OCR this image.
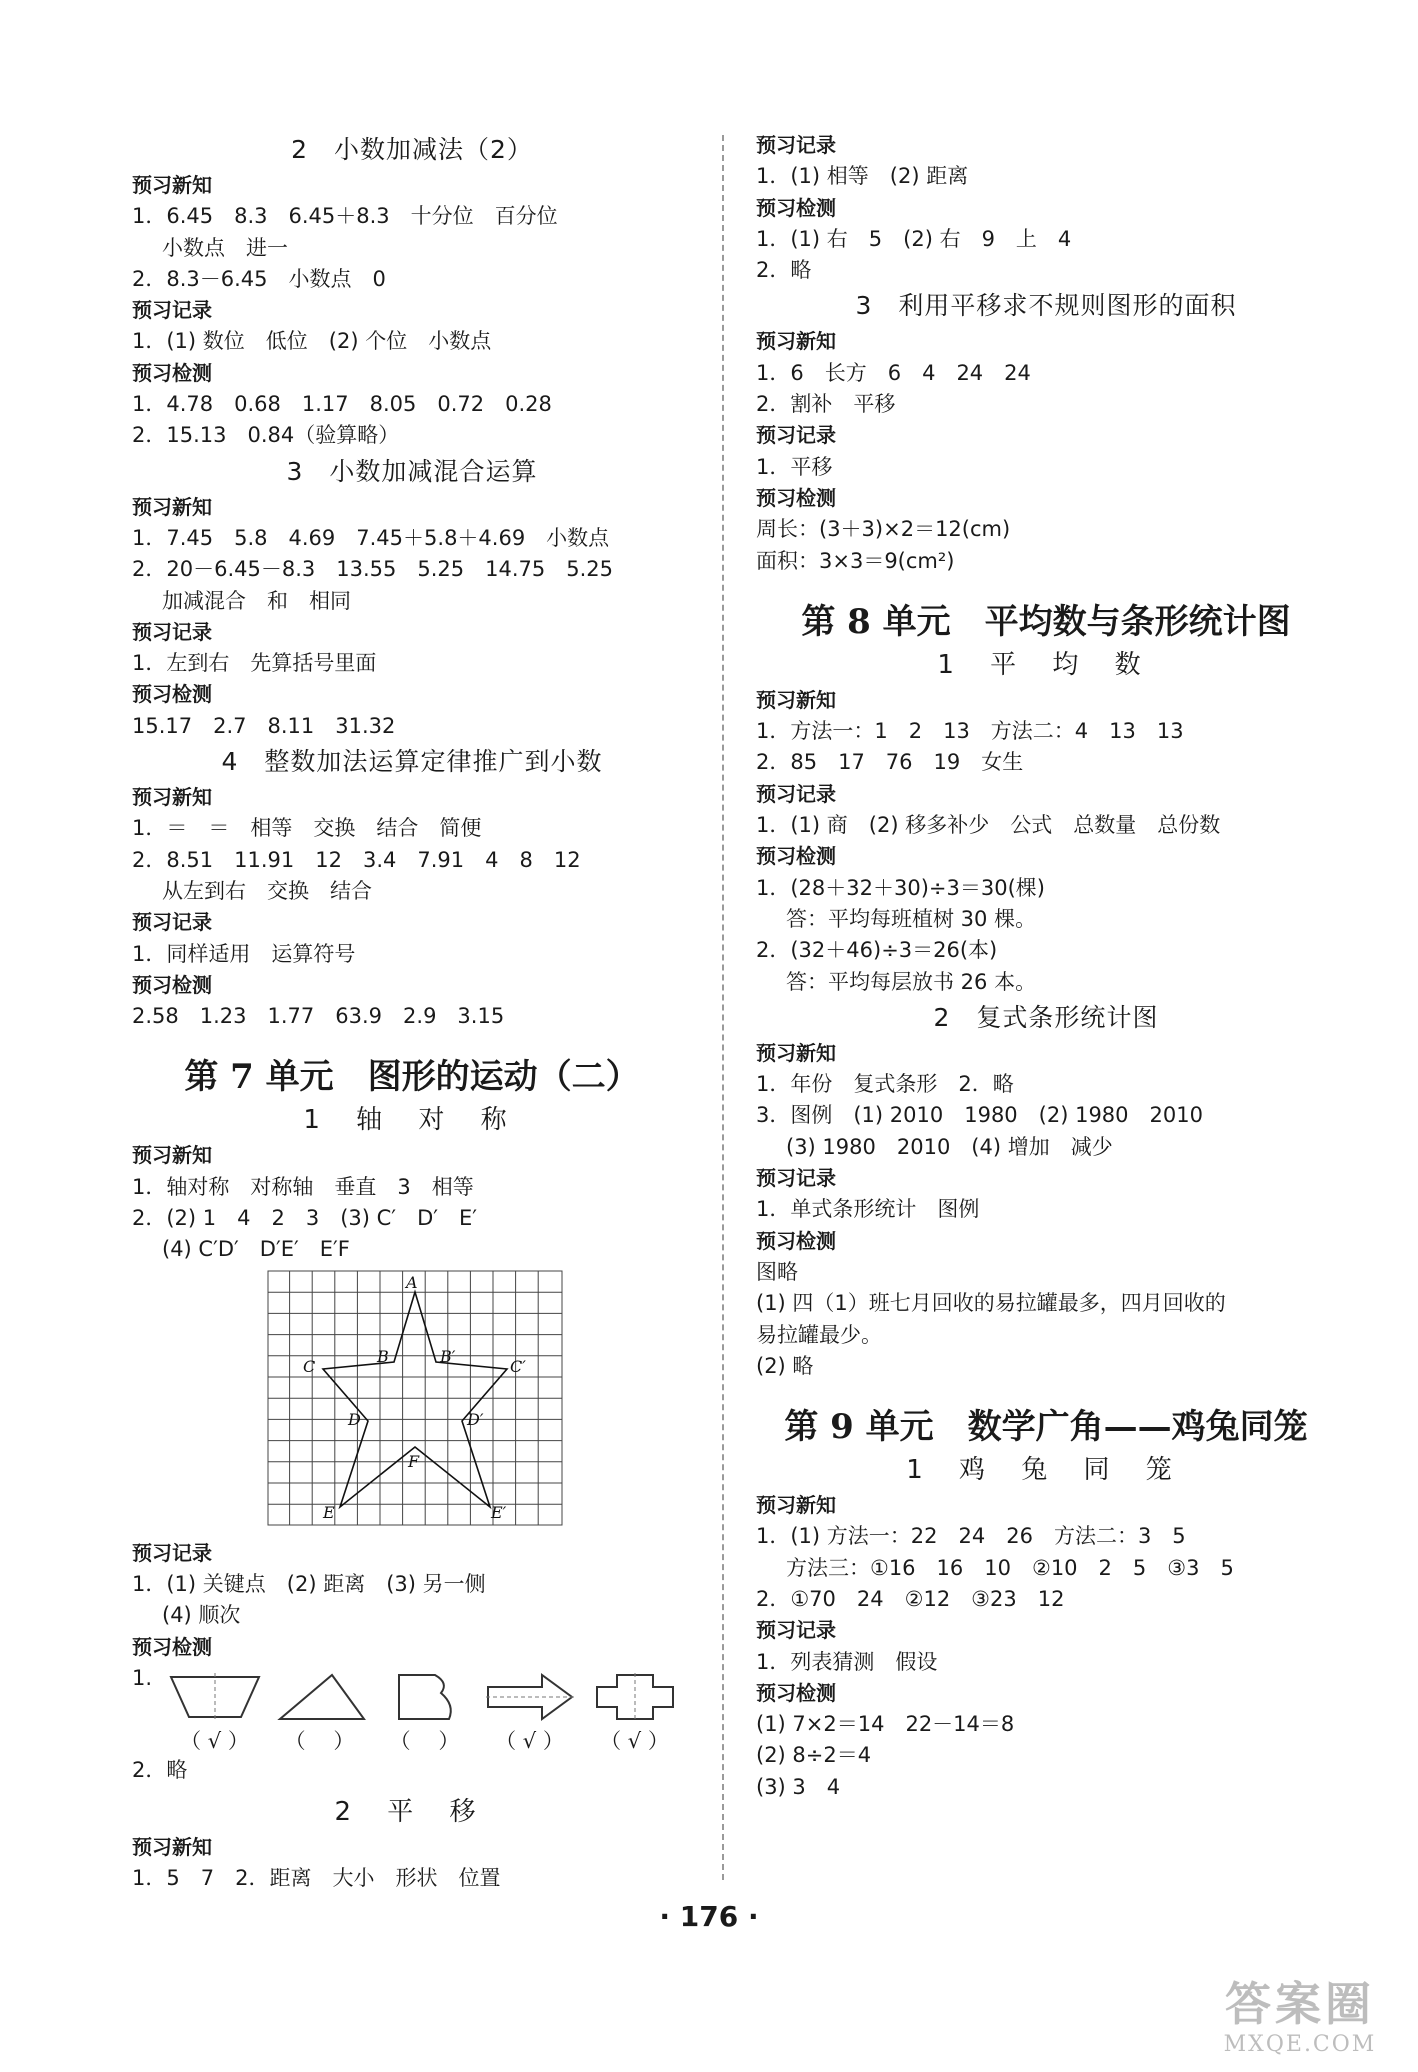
2　小数加减法（2）
预习新知
1．6.45　8.3　6.45＋8.3　十分位　百分位
小数点　进一
2．8.3－6.45　小数点　0
预习记录
1．(1) 数位　低位　(2) 个位　小数点
预习检测
1．4.78　0.68　1.17　8.05　0.72　0.28
2．15.13　0.84（验算略）
3　小数加减混合运算
预习新知
1．7.45　5.8　4.69　7.45＋5.8＋4.69　小数点
2．20－6.45－8.3　13.55　5.25　14.75　5.25
加减混合　和　相同
预习记录
1．左到右　先算括号里面
预习检测
15.17　2.7　8.11　31.32
4　整数加法运算定律推广到小数
预习新知
1．＝　＝　相等　交换　结合　简便
2．8.51　11.91　12　3.4　7.91　4　8　12
从左到右　交换　结合
预习记录
1．同样适用　运算符号
预习检测
2.58　1.23　1.77　63.9　2.9　3.15
第 7 单元　图形的运动（二）
1 轴 对 称
预习新知
1．轴对称　对称轴　垂直　3　相等
2．(2) 1　4　2　3　(3) C′　D′　E′
(4) C′D′　D′E′　E′F
A
B	B′
C	C′
D	D′
F
E	E′
预习记录
1．(1) 关键点　(2) 距离　(3) 另一侧
(4) 顺次
预习检测
1.
（ √ ）	（　 ）	（　 ）	（ √ ）	（ √ ）
2．略
2 平 移
预习新知
1．5　7　2．距离　大小　形状　位置
预习记录
1．(1) 相等　(2) 距离
预习检测
1．(1) 右　5　(2) 右　9　上　4
2．略
3　利用平移求不规则图形的面积
预习新知
1．6　长方　6　4　24　24
2．割补　平移
预习记录
1．平移
预习检测
周长：(3＋3)×2＝12(cm)
面积：3×3＝9(cm²)
第 8 单元　平均数与条形统计图
1 平 均 数
预习新知
1．方法一：1　2　13　方法二：4　13　13
2．85　17　76　19　女生
预习记录
1．(1) 商　(2) 移多补少　公式　总数量　总份数
预习检测
1．(28＋32＋30)÷3＝30(棵)
答：平均每班植树 30 棵。
2．(32＋46)÷3＝26(本)
答：平均每层放书 26 本。
2　复式条形统计图
预习新知
1．年份　复式条形　2．略
3．图例　(1) 2010　1980　(2) 1980　2010
(3) 1980　2010　(4) 增加　减少
预习记录
1．单式条形统计　图例
预习检测
图略
(1) 四（1）班七月回收的易拉罐最多，四月回收的
易拉罐最少。
(2) 略
第 9 单元　数学广角——鸡兔同笼
1 鸡 兔 同 笼
预习新知
1．(1) 方法一：22　24　26　方法二：3　5
方法三：①16　16　10　②10　2　5　③3　5
2．①70　24　②12　③23　12
预习记录
1．列表猜测　假设
预习检测
(1) 7×2＝14　22－14＝8
(2) 8÷2＝4
(3) 3　4
· 176 ·
答案圈
MXQE.COM
